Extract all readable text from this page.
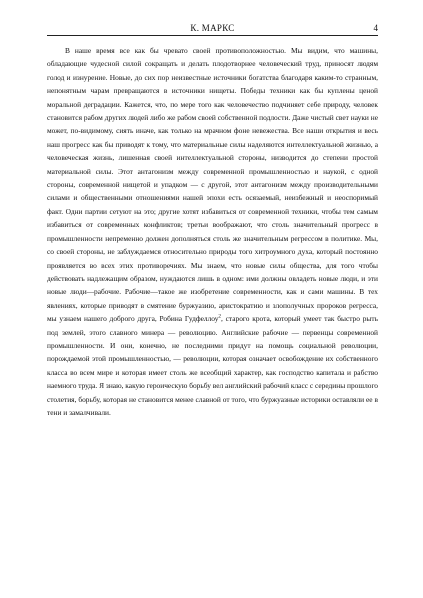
К. МАРКС	4

В наше время все как бы чревато своей противоположностью. Мы видим, что машины, обладающие чудесной силой сокращать и делать плодотворнее человеческий труд, приносят людям голод и изнурение. Новые, до сих пор неизвестные источники богатства благодаря каким-то странным, непонятным чарам превращаются в источники нищеты. Победы техники как бы куплены ценой моральной деградации. Кажется, что, по мере того как человечество подчиняет себе природу, человек становится рабом других людей либо же рабом своей собственной подлости. Даже чистый свет науки не может, по-видимому, сиять иначе, как только на мрачном фоне невежества. Все наши открытия и весь наш прогресс как бы приводят к тому, что материальные силы наделяются интеллектуальной жизнью, а человеческая жизнь, лишенная своей интеллектуальной стороны, низводится до степени простой материальной силы. Этот антагонизм между современной промышленностью и наукой, с одной стороны, современной нищетой и упадком — с другой, этот антагонизм между производительными силами и общественными отношениями нашей эпохи есть осязаемый, неизбежный и неоспоримый факт. Одни партии сетуют на это; другие хотят избавиться от современной техники, чтобы тем самым избавиться от современных конфликтов; третьи воображают, что столь значительный прогресс в промышленности непременно должен дополняться столь же значительным регрессом в политике. Мы, со своей стороны, не заблуждаемся относительно природы того хитроумного духа, который постоянно проявляется во всех этих противоречиях. Мы знаем, что новые силы общества, для того чтобы действовать надлежащим образом, нуждаются лишь в одном: ими должны овладеть новые люди, и эти новые люди—рабочие. Рабочие—такое же изобретение современности, как и сами машины. В тех явлениях, которые приводят в смятение буржуазию, аристократию и злополучных пророков регресса, мы узнаем нашего доброго друга, Робина Гудфеллоу$^2$, старого крота, который умеет так быстро рыть под землей, этого славного минера — революцию. Английские рабочие — первенцы современной промышленности. И они, конечно, не последними придут на помощь социальной революции, порождаемой этой промышленностью, — революции, которая означает освобождение их собственного класса во всем мире и которая имеет столь же всеобщий характер, как господство капитала и рабство наемного труда. Я знаю, какую героическую борьбу вел английский рабочий класс с середины прошлого столетия, борьбу, которая не становится менее славной от того, что буржуазные историки оставляли ее в тени и замалчивали.
